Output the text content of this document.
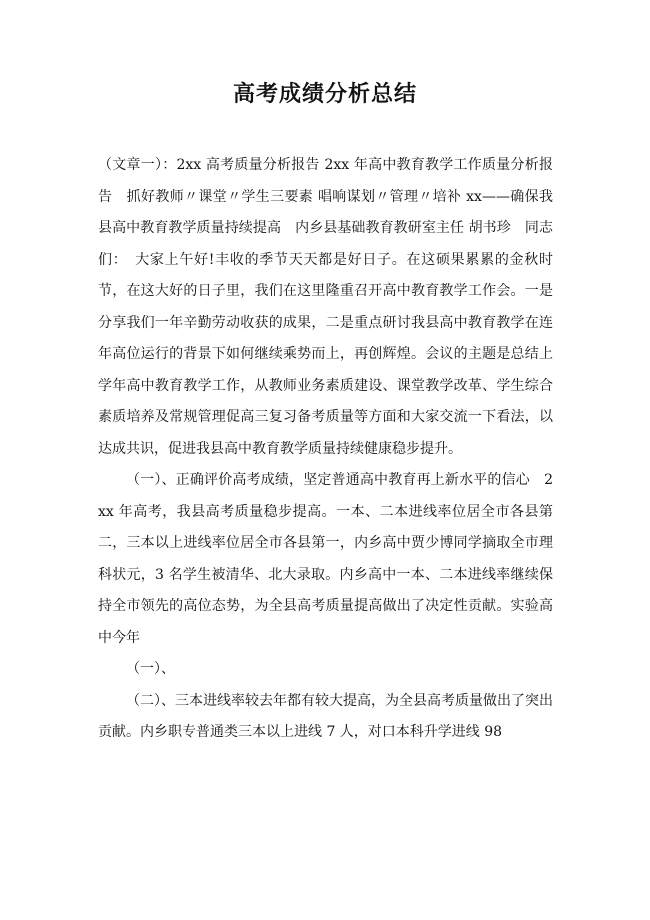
高考成绩分析总结

（文章一）：2xx 高考质量分析报告 2xx 年高中教育教学工作质量分析报告　抓好教师〃课堂〃学生三要素 唱响谋划〃管理〃培补 xx——确保我县高中教育教学质量持续提高　内乡县基础教育教研室主任 胡书珍　同志们：　大家上午好!丰收的季节天天都是好日子。在这硕果累累的金秋时节，在这大好的日子里，我们在这里隆重召开高中教育教学工作会。一是分享我们一年辛勤劳动收获的成果，二是重点研讨我县高中教育教学在连年高位运行的背景下如何继续乘势而上，再创辉煌。会议的主题是总结上学年高中教育教学工作，从教师业务素质建设、课堂教学改革、学生综合素质培养及常规管理促高三复习备考质量等方面和大家交流一下看法，以达成共识，促进我县高中教育教学质量持续健康稳步提升。

（一）、正确评价高考成绩，坚定普通高中教育再上新水平的信心　2xx 年高考，我县高考质量稳步提高。一本、二本进线率位居全市各县第二，三本以上进线率位居全市各县第一，内乡高中贾少博同学摘取全市理科状元，3 名学生被清华、北大录取。内乡高中一本、二本进线率继续保持全市领先的高位态势，为全县高考质量提高做出了决定性贡献。实验高中今年

（一）、

（二）、三本进线率较去年都有较大提高，为全县高考质量做出了突出贡献。内乡职专普通类三本以上进线 7 人，对口本科升学进线 98
